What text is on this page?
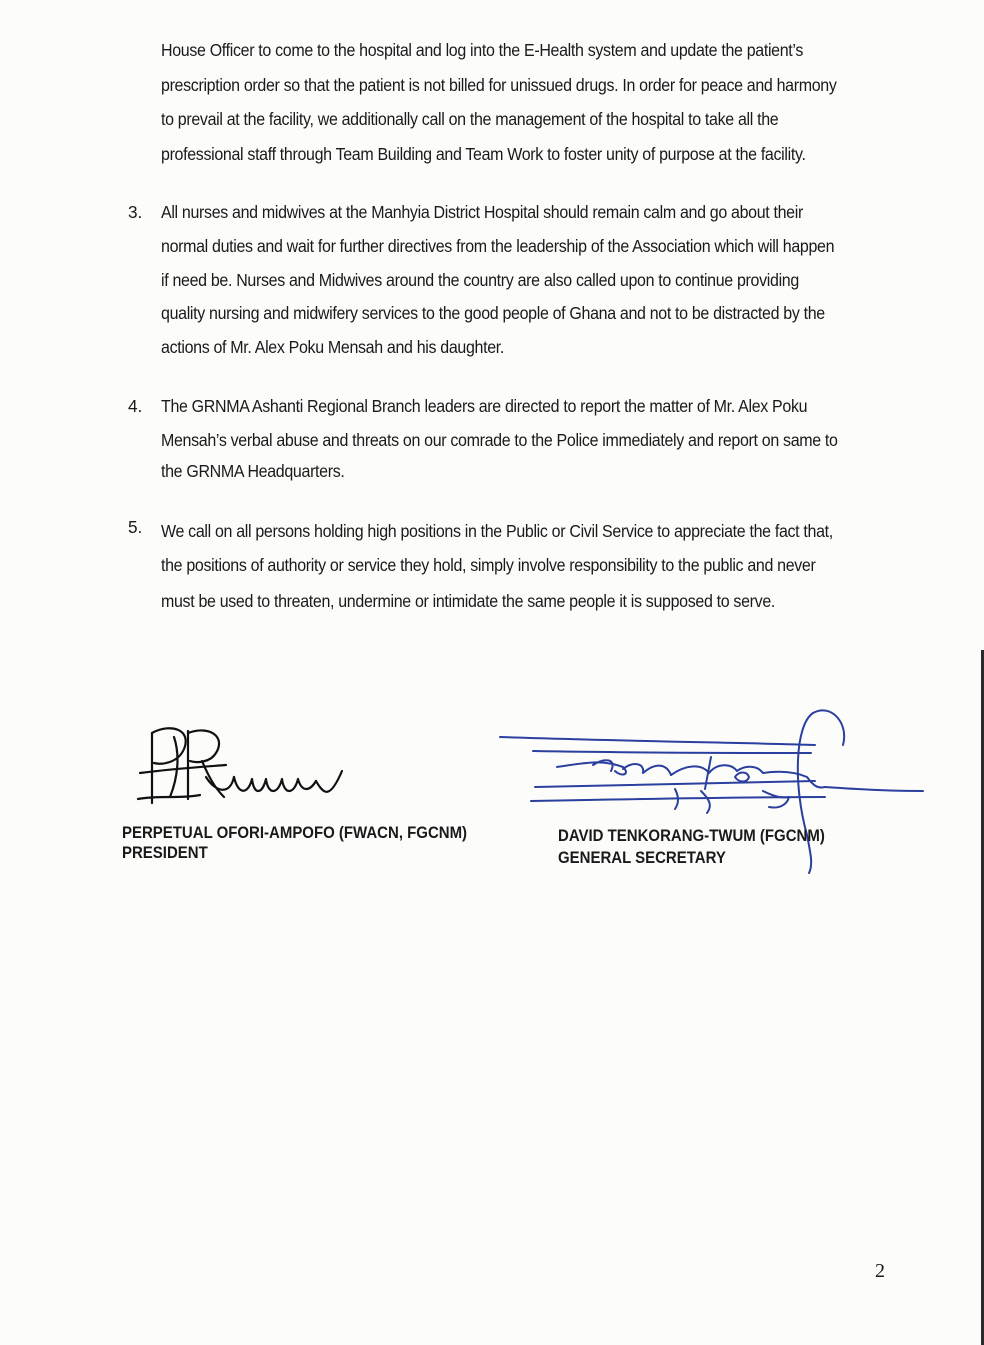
House Officer to come to the hospital and log into the E-Health system and update the patient’s
prescription order so that the patient is not billed for unissued drugs. In order for peace and harmony
to prevail at the facility, we additionally call on the management of the hospital to take all the
professional staff through Team Building and Team Work to foster unity of purpose at the facility.
3. All nurses and midwives at the Manhyia District Hospital should remain calm and go about their
normal duties and wait for further directives from the leadership of the Association which will happen
if need be. Nurses and Midwives around the country are also called upon to continue providing
quality nursing and midwifery services to the good people of Ghana and not to be distracted by the
actions of Mr. Alex Poku Mensah and his daughter.
4. The GRNMA Ashanti Regional Branch leaders are directed to report the matter of Mr. Alex Poku
Mensah’s verbal abuse and threats on our comrade to the Police immediately and report on same to
the GRNMA Headquarters.
5. We call on all persons holding high positions in the Public or Civil Service to appreciate the fact that,
the positions of authority or service they hold, simply involve responsibility to the public and never
must be used to threaten, undermine or intimidate the same people it is supposed to serve.
PERPETUAL OFORI-AMPOFO (FWACN, FGCNM)
PRESIDENT
DAVID TENKORANG-TWUM (FGCNM)
GENERAL SECRETARY
2
